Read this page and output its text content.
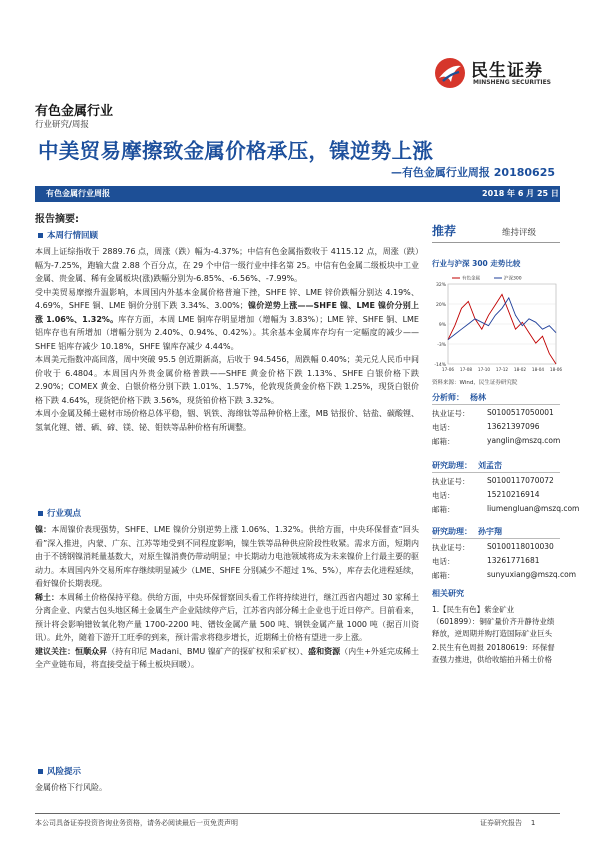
民生证券
MINSHENG SECURITIES
有色金属行业
行业研究/周报
中美贸易摩擦致金属价格承压，镍逆势上涨
—有色金属行业周报 20180625
有色金属行业周报	2018 年 6 月 25 日
报告摘要:
本周行情回顾

本周上证综指收于 2889.76 点，周涨（跌）幅为-4.37%；中信有色金属指数收于 4115.12 点，周涨（跌）幅为-7.25%，跑输大盘 2.88 个百分点，在 29 个中信一级行业中排名第 25。中信有色金属二级板块中工业金属、贵金属、稀有金属板块(涨)跌幅分别为-6.85%、-6.56%、-7.99%。

受中美贸易摩擦升温影响，本周国内外基本金属价格普遍下挫，SHFE 锌、LME 锌价跌幅分别达 4.19%、4.69%，SHFE 铜、LME 铜价分别下跌 3.34%、3.00%；镍价逆势上涨——SHFE 镍、LME 镍价分别上涨 1.06%、1.32%。库存方面，本周 LME 铜库存明显增加（增幅为 3.83%）；LME 锌、SHFE 铜、LME 铝库存也有所增加（增幅分别为 2.40%、0.94%、0.42%）。其余基本金属库存均有一定幅度的减少——SHFE 铝库存减少 10.18%，SHFE 镍库存减少 4.44%。

本周美元指数冲高回落，周中突破 95.5 创近期新高，后收于 94.5456，周跌幅 0.40%；美元兑人民币中间价收于 6.4804。本周国内外贵金属价格普跌——SHFE 黄金价格下跌 1.13%、SHFE 白银价格下跌 2.90%；COMEX 黄金、白银价格分别下跌 1.01%、1.57%，伦敦现货黄金价格下跌 1.25%，现货白银价格下跌 4.64%，现货钯价格下跌 3.56%，现货铂价格下跌 3.32%。

本周小金属及稀土磁材市场价格总体平稳，铟、钒铁、海绵钛等品种价格上涨，MB 钴报价、钴盐、碳酸锂、氢氧化锂、镨、硒、碲、镁、铋、钼铁等品种价格有所调整。

行业观点

镍：本周镍价表现强势，SHFE、LME 镍价分别逆势上涨 1.06%、1.32%。供给方面，中央环保督查“回头看”深入推进，内蒙、广东、江苏等地受到不同程度影响，镍生铁等品种供应阶段性收紧。需求方面，短期内由于不锈钢镍消耗量基数大，对原生镍消费仍带动明显；中长期动力电池领域将成为未来镍价上行最主要的驱动力。本周国内外交易所库存继续明显减少（LME、SHFE 分别减少不超过 1%、5%），库存去化进程延续，看好镍价长期表现。

稀土：本周稀土价格保持平稳。供给方面，中央环保督察回头看工作将持续进行，继江西省内超过 30 家稀土分离企业、内蒙古包头地区稀土金属生产企业陆续停产后，江苏省内部分稀土企业也于近日停产。目前看来，预计将会影响镨钕氧化物产量 1700-2200 吨、镨钕金属产量 500 吨、钢铁金属产量 1000 吨（据百川资讯）。此外，随着下游开工旺季的到来，预计需求将稳步增长，近期稀土价格有望进一步上涨。

建议关注：恒顺众昇（持有印尼 Madani、BMU 镍矿产的探矿权和采矿权）、盛和资源（内生+外延完成稀土全产业链布局，将直接受益于稀土板块回暖）。

风险提示

金属价格下行风险。

推荐	维持评级
行业与沪深 300 走势比较
-14%
-3%
9%
20%
32%
17-06 17-08 17-10 17-12 18-02 18-04 18-06
有色金属	沪深300
资料来源：Wind，民生证券研究院
分析师： 杨林
执业证号： S0100517050001
电话：	13621397096
邮箱：	yanglin@mszq.com
研究助理： 刘孟峦
执业证号： S0100117070072
电话：	15210216914
邮箱：	liumengluan@mszq.com
研究助理： 孙宇翔
执业证号： S0100118010030
电话：	13261771681
邮箱：	sunyuxiang@mszq.com
相关研究
1.【民生有色】紫金矿业（601899）：铜矿量价齐升静待业绩释放，逆周期并购打造国际矿业巨头
2.民生有色周报 20180619：环保督查强力推进，供给收缩拍升稀土价格
本公司具备证券投资咨询业务资格，请务必阅读最后一页免责声明	证券研究报告 1
